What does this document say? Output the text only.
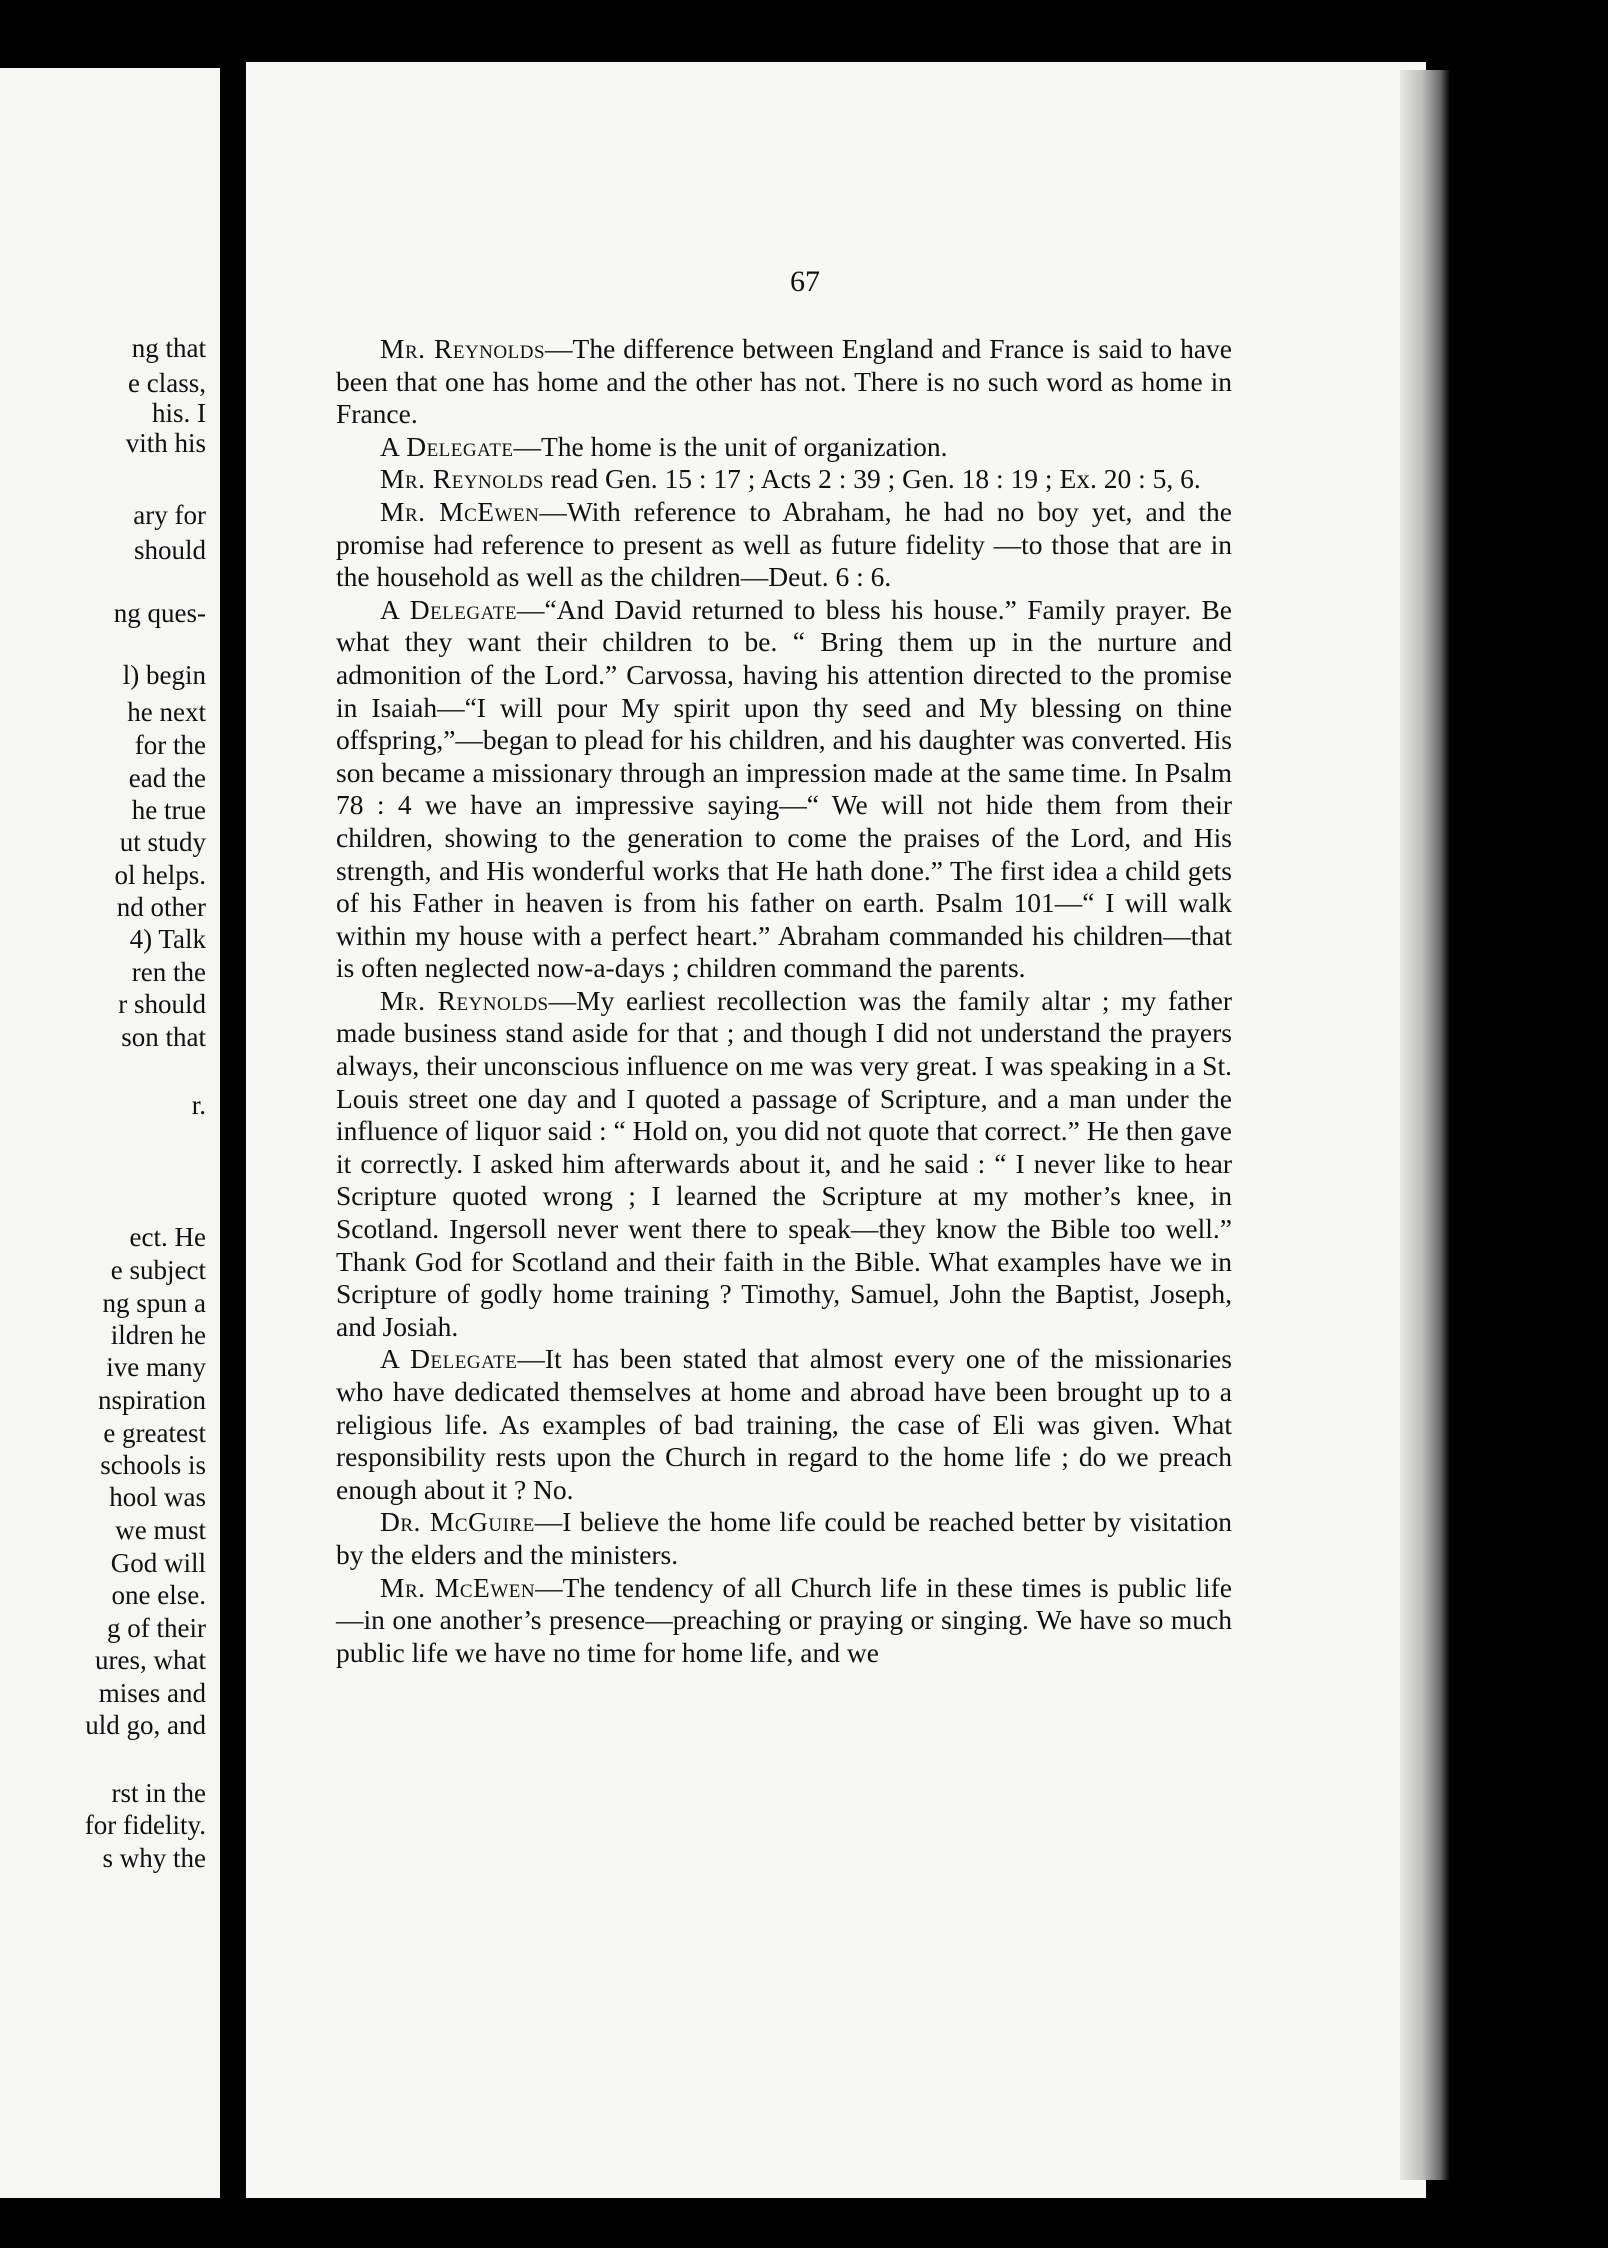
ng that
e class,
his. I
vith his
ary for
should
ng ques-
l) begin
he next
for the
ead the
he true
ut study
ol helps.
nd other
4) Talk
ren the
r should
son that
r.
ect. He
e subject
ng spun a
ildren he
ive many
nspiration
e greatest
schools is
hool was
we must
God will
one else.
g of their
ures, what
mises and
uld go, and
rst in the
for fidelity.
s why the
67

Mr. Reynolds—The difference between England and France is said to have been that one has home and the other has not. There is no such word as home in France.

A Delegate—The home is the unit of organization.

Mr. Reynolds read Gen. 15 : 17 ; Acts 2 : 39 ; Gen. 18 : 19 ; Ex. 20 : 5, 6.

Mr. McEwen—With reference to Abraham, he had no boy yet, and the promise had reference to present as well as future fidelity —to those that are in the household as well as the children—Deut. 6 : 6.

A Delegate—“And David returned to bless his house.” Family prayer. Be what they want their children to be. “ Bring them up in the nurture and admonition of the Lord.” Carvossa, having his attention directed to the promise in Isaiah—“I will pour My spirit upon thy seed and My blessing on thine offspring,”—began to plead for his children, and his daughter was converted. His son became a missionary through an impression made at the same time. In Psalm 78 : 4 we have an impressive saying—“ We will not hide them from their children, showing to the generation to come the praises of the Lord, and His strength, and His wonderful works that He hath done.” The first idea a child gets of his Father in heaven is from his father on earth. Psalm 101—“ I will walk within my house with a perfect heart.” Abraham commanded his children—that is often neglected now-a-days ; children command the parents.

Mr. Reynolds—My earliest recollection was the family altar ; my father made business stand aside for that ; and though I did not understand the prayers always, their unconscious influence on me was very great. I was speaking in a St. Louis street one day and I quoted a passage of Scripture, and a man under the influence of liquor said : “ Hold on, you did not quote that correct.” He then gave it correctly. I asked him afterwards about it, and he said : “ I never like to hear Scripture quoted wrong ; I learned the Scripture at my mother’s knee, in Scotland. Ingersoll never went there to speak—they know the Bible too well.” Thank God for Scotland and their faith in the Bible. What examples have we in Scripture of godly home training ? Timothy, Samuel, John the Baptist, Joseph, and Josiah.

A Delegate—It has been stated that almost every one of the missionaries who have dedicated themselves at home and abroad have been brought up to a religious life. As examples of bad training, the case of Eli was given. What responsibility rests upon the Church in regard to the home life ; do we preach enough about it ? No.

Dr. McGuire—I believe the home life could be reached better by visitation by the elders and the ministers.

Mr. McEwen—The tendency of all Church life in these times is public life—in one another’s presence—preaching or praying or singing. We have so much public life we have no time for home life, and we
